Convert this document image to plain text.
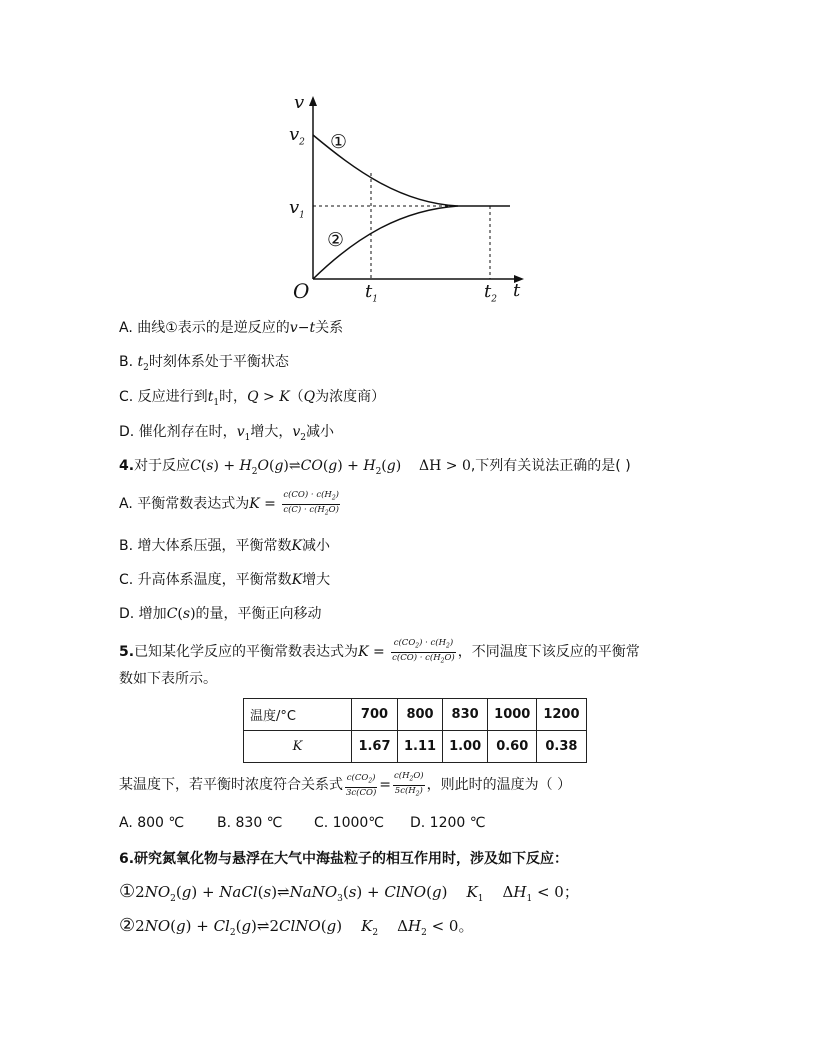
v
$v_2$
$v_1$
O	$t_1$	$t_2$ t
①
②
A. 曲线①表示的是逆反应的v−t关系
B. $t_2$时刻体系处于平衡状态
C. 反应进行到$t_1$时，Q > K（Q为浓度商）
D. 催化剂存在时，$v_1$增大，$v_2$减小
4.对于反应$C(s) + H_2O(g)\rightleftharpoons CO(g) + H_2(g)$    ΔH > 0,下列有关说法正确的是( )
A. 平衡常数表达式为$K = \frac{c(CO) \cdot c(H_2)}{c(C) \cdot c(H_2O)}$
B. 增大体系压强，平衡常数K减小
C. 升高体系温度，平衡常数K增大
D. 增加C(s)的量，平衡正向移动
5.已知某化学反应的平衡常数表达式为$K = \frac{c(CO_2) \cdot c(H_2)}{c(CO) \cdot c(H_2O)}$ ，不同温度下该反应的平衡常
数如下表所示。
温度/°C	700	800	830	1000	1200
K	1.67	1.11	1.00	0.60	0.38
某温度下，若平衡时浓度符合关系式 $\frac{c(CO_2)}{3c(CO)} = \frac{c(H_2O)}{5c(H_2)}$ ，则此时的温度为（ ）
A. 800 ℃ B. 830 ℃ C. 1000℃ D. 1200 ℃
6.研究氮氧化物与悬浮在大气中海盐粒子的相互作用时，涉及如下反应：
$①2NO_2(g)$ + NaCl(s)⇌NaNO$_3$(s) + ClNO(g)    $K_1$    $\Delta H_1 < 0$；
②2NO(g) + $Cl_2(g)\rightleftharpoons 2ClNO(g)$    $K_2$    $\Delta H_2 < 0$。
